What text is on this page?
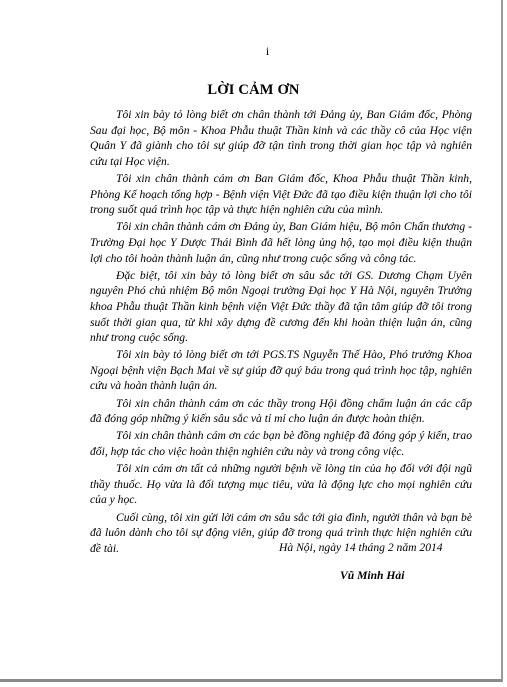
i
LỜI CẢM ƠN

Tôi xin bày tỏ lòng biết ơn chân thành tới Đảng ủy, Ban Giám đốc, Phòng Sau đại học, Bộ môn - Khoa Phẫu thuật Thần kinh và các thầy cô của Học viện Quân Y đã giành cho tôi sự giúp đỡ tận tình trong thời gian học tập và nghiên cứu tại Học viện.

Tôi xin chân thành cám ơn Ban Giám đốc, Khoa Phẫu thuật Thần kinh, Phòng Kế hoạch tổng hợp - Bệnh viện Việt Đức đã tạo điều kiện thuận lợi cho tôi trong suốt quá trình học tập và thực hiện nghiên cứu của mình.

Tôi xin chân thành cám ơn Đảng ủy, Ban Giám hiệu, Bộ môn Chấn thương - Trường Đại học Y Dược Thái Bình đã hết lòng ủng hộ, tạo mọi điều kiện thuận lợi cho tôi hoàn thành luận án, cũng như trong cuộc sống và công tác.

Đặc biệt, tôi xin bày tỏ lòng biết ơn sâu sắc tới GS. Dương Chạm Uyên nguyên Phó chủ nhiệm Bộ môn Ngoại trường Đại học Y Hà Nội, nguyên Trưởng khoa Phẫu thuật Thần kinh bệnh viện Việt Đức thầy đã tận tâm giúp đỡ tôi trong suốt thời gian qua, từ khi xây dựng đề cương đến khi hoàn thiện luận án, cũng như trong cuộc sống.

Tôi xin bày tỏ lòng biết ơn tới PGS.TS Nguyễn Thế Hào, Phó trưởng Khoa Ngoại bệnh viện Bạch Mai về sự giúp đỡ quý báu trong quá trình học tập, nghiên cứu và hoàn thành luận án.

Tôi xin chân thành cám ơn các thầy trong Hội đồng chấm luận án các cấp đã đóng góp những ý kiến sâu sắc và tỉ mỉ cho luận án được hoàn thiện.

Tôi xin chân thành cám ơn các bạn bè đồng nghiệp đã đóng góp ý kiến, trao đổi, hợp tác cho việc hoàn thiện nghiên cứu này và trong công việc.

Tôi xin cám ơn tất cả những người bệnh về lòng tin của họ đối với đội ngũ thầy thuốc. Họ vừa là đối tượng mục tiêu, vừa là động lực cho mọi nghiên cứu của y học.

Cuối cùng, tôi xin gửi lời cám ơn sâu sắc tới gia đình, người thân và bạn bè đã luôn dành cho tôi sự động viên, giúp đỡ trong quá trình thực hiện nghiên cứu đề tài.	Hà Nội, ngày 14 tháng 2 năm 2014
Vũ Minh Hải
